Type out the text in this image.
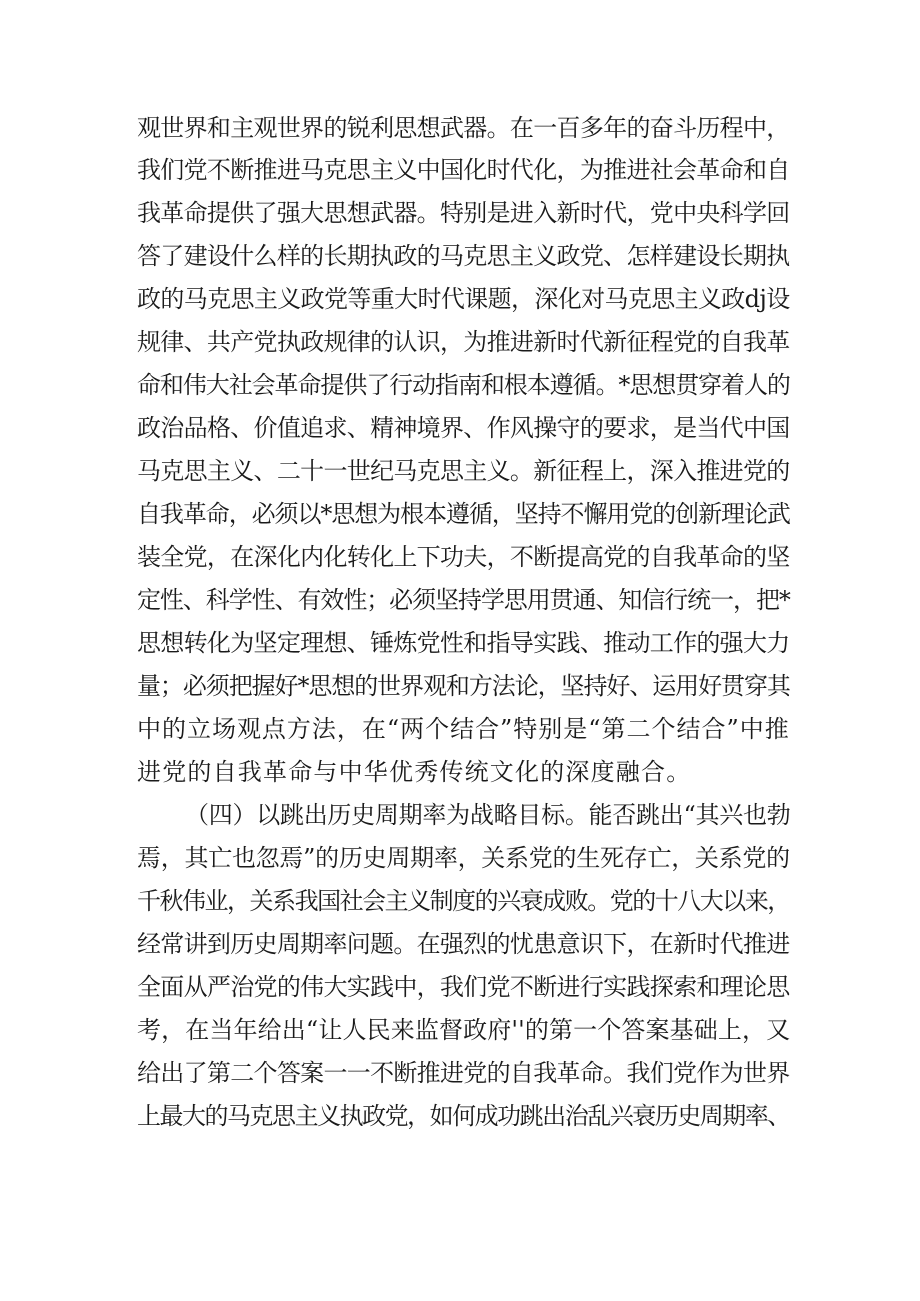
观世界和主观世界的锐利思想武器。在一百多年的奋斗历程中，
我们党不断推进马克思主义中国化时代化，为推进社会革命和自
我革命提供了强大思想武器。特别是进入新时代，党中央科学回
答了建设什么样的长期执政的马克思主义政党、怎样建设长期执
政的马克思主义政党等重大时代课题，深化对马克思主义政dj设
规律、共产党执政规律的认识，为推进新时代新征程党的自我革
命和伟大社会革命提供了行动指南和根本遵循。*思想贯穿着人的
政治品格、价值追求、精神境界、作风操守的要求，是当代中国
马克思主义、二十一世纪马克思主义。新征程上，深入推进党的
自我革命，必须以*思想为根本遵循，坚持不懈用党的创新理论武
装全党，在深化内化转化上下功夫，不断提高党的自我革命的坚
定性、科学性、有效性；必须坚持学思用贯通、知信行统一，把*
思想转化为坚定理想、锤炼党性和指导实践、推动工作的强大力
量；必须把握好*思想的世界观和方法论，坚持好、运用好贯穿其
中的立场观点方法，在“两个结合”特别是“第二个结合”中推
进党的自我革命与中华优秀传统文化的深度融合。
（四）以跳出历史周期率为战略目标。能否跳出“其兴也勃
焉，其亡也忽焉”的历史周期率，关系党的生死存亡，关系党的
千秋伟业，关系我国社会主义制度的兴衰成败。党的十八大以来，
经常讲到历史周期率问题。在强烈的忧患意识下，在新时代推进
全面从严治党的伟大实践中，我们党不断进行实践探索和理论思
考，在当年给出“让人民来监督政府''的第一个答案基础上，又
给出了第二个答案一一不断推进党的自我革命。我们党作为世界
上最大的马克思主义执政党，如何成功跳出治乱兴衰历史周期率、
